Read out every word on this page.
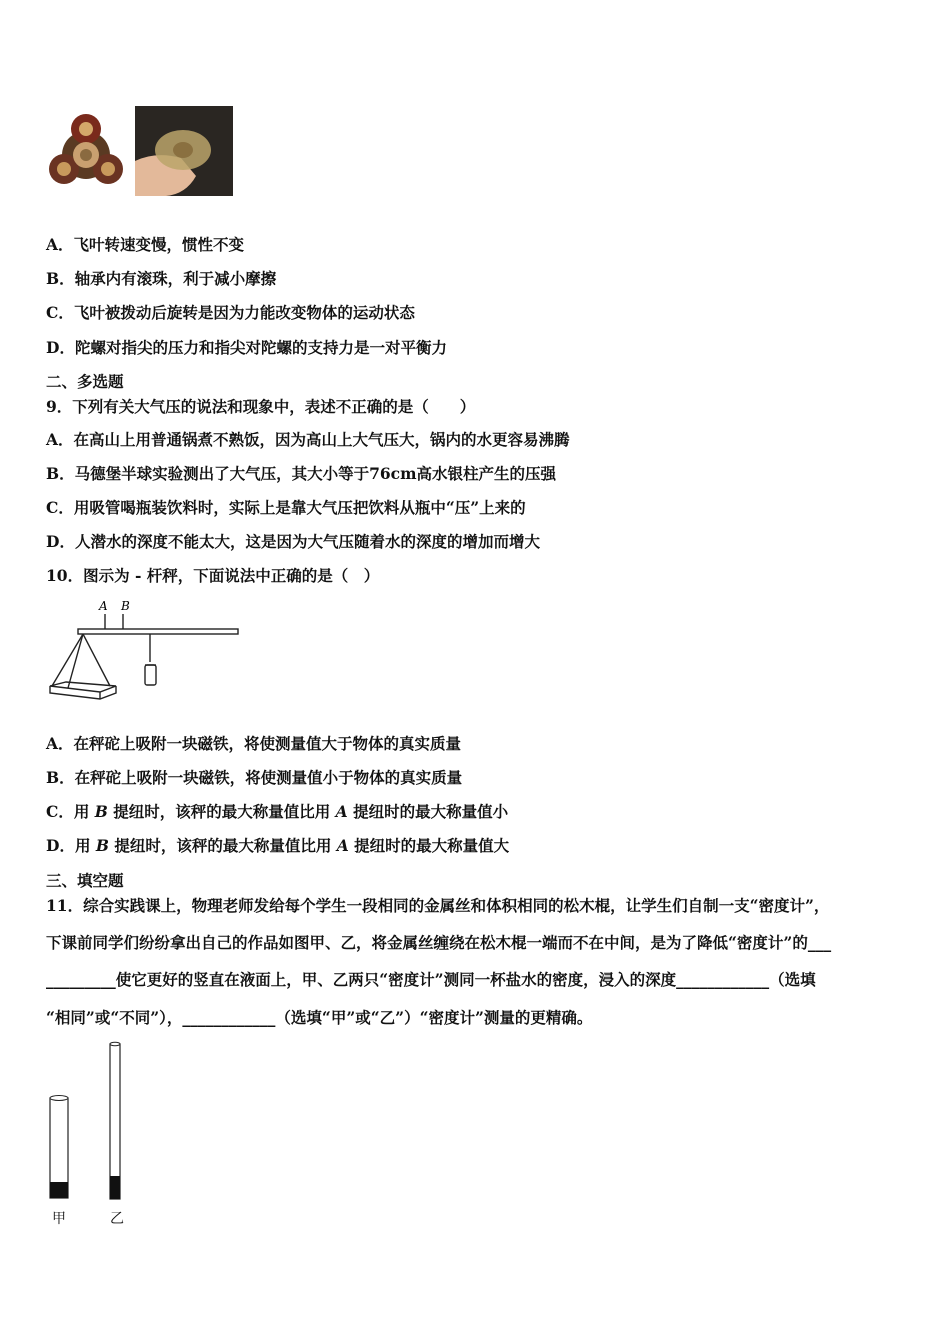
A．飞叶转速变慢，惯性不变
B．轴承内有滚珠，利于减小摩擦
C．飞叶被拨动后旋转是因为力能改变物体的运动状态
D．陀螺对指尖的压力和指尖对陀螺的支持力是一对平衡力
二、多选题
9．下列有关大气压的说法和现象中，表述不正确的是（　　）
A．在高山上用普通锅煮不熟饭，因为高山上大气压大，锅内的水更容易沸腾
B．马德堡半球实验测出了大气压，其大小等于76cm高水银柱产生的压强
C．用吸管喝瓶装饮料时，实际上是靠大气压把饮料从瓶中“压”上来的
D．人潜水的深度不能太大，这是因为大气压随着水的深度的增加而增大
10．图示为 - 杆秤，下面说法中正确的是（　）
A B
A．在秤砣上吸附一块磁铁，将使测量值大于物体的真实质量
B．在秤砣上吸附一块磁铁，将使测量值小于物体的真实质量
C．用 B 提纽时，该秤的最大称量值比用 A 提纽时的最大称量值小
D．用 B 提纽时，该秤的最大称量值比用 A 提纽时的最大称量值大
三、填空题
11．综合实践课上，物理老师发给每个学生一段相同的金属丝和体积相同的松木棍，让学生们自制一支“密度计”，
下课前同学们纷纷拿出自己的作品如图甲、乙，将金属丝缠绕在松木棍一端而不在中间，是为了降低“密度计”的___
_________使它更好的竖直在液面上，甲、乙两只“密度计”测同一杯盐水的密度，浸入的深度____________（选填
“相同”或“不同”），____________（选填“甲”或“乙”）“密度计”测量的更精确。
甲	乙
